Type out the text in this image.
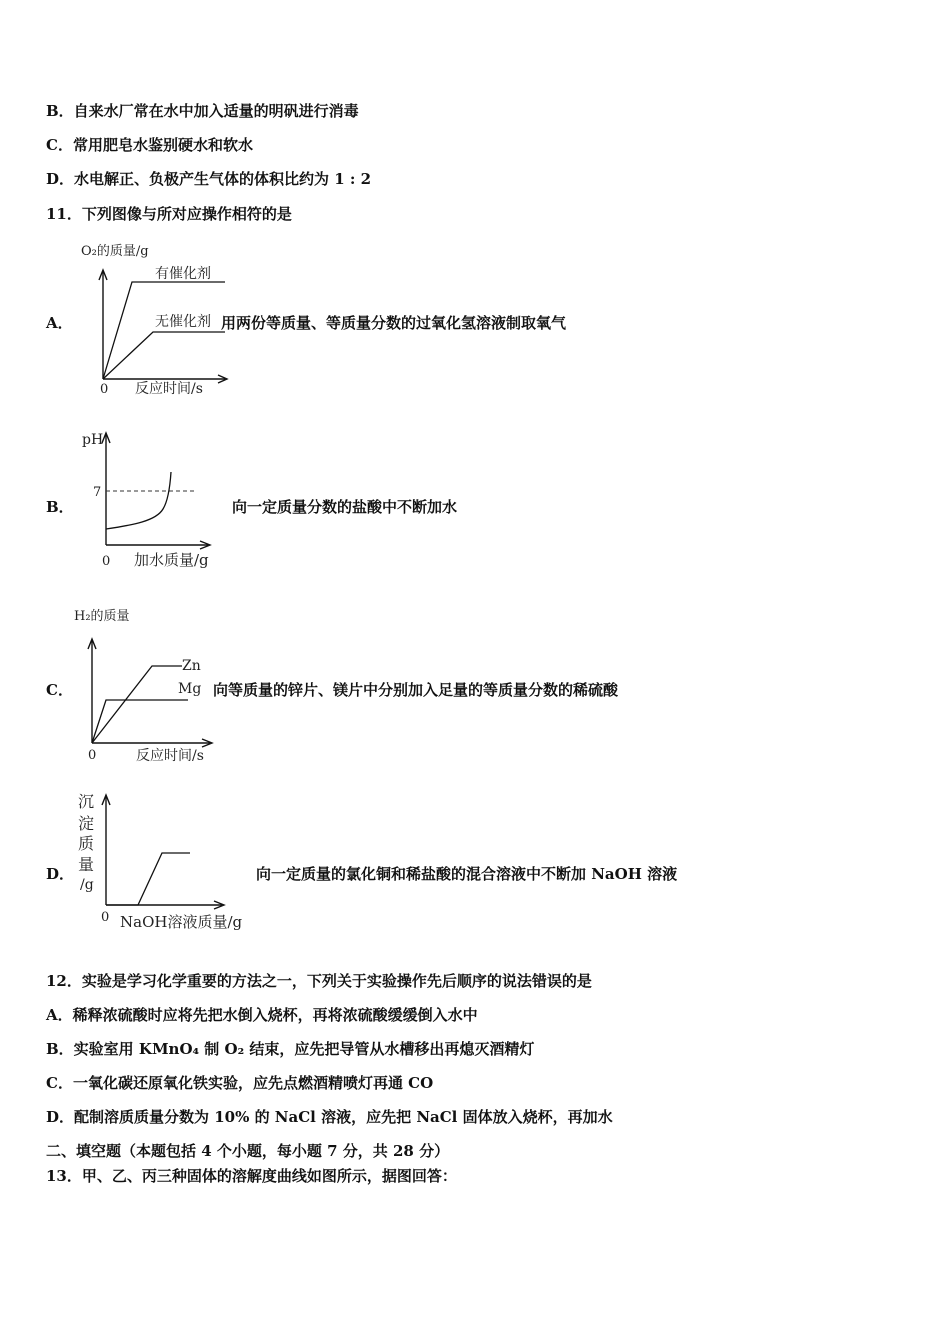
B．自来水厂常在水中加入适量的明矾进行消毒
C．常用肥皂水鉴别硬水和软水
D．水电解正、负极产生气体的体积比约为 1 : 2
11．下列图像与所对应操作相符的是
A．
O₂的质量/g
有催化剂
无催化剂
0 反应时间/s
用两份等质量、等质量分数的过氧化氢溶液制取氧气
B．
pH
7
0 加水质量/g
向一定质量分数的盐酸中不断加水
C．
H₂的质量
Zn
Mg
0	反应时间/s
向等质量的锌片、镁片中分别加入足量的等质量分数的稀硫酸
D．
沉
淀
质
量
/g
0 NaOH溶液质量/g
向一定质量的氯化铜和稀盐酸的混合溶液中不断加 NaOH 溶液
12．实验是学习化学重要的方法之一，下列关于实验操作先后顺序的说法错误的是
A．稀释浓硫酸时应将先把水倒入烧杯，再将浓硫酸缓缓倒入水中
B．实验室用 KMnO₄ 制 O₂ 结束，应先把导管从水槽移出再熄灭酒精灯
C．一氧化碳还原氧化铁实验，应先点燃酒精喷灯再通 CO
D．配制溶质质量分数为 10% 的 NaCl 溶液，应先把 NaCl 固体放入烧杯，再加水
二、填空题（本题包括 4 个小题，每小题 7 分，共 28 分）
13．甲、乙、丙三种固体的溶解度曲线如图所示，据图回答：
